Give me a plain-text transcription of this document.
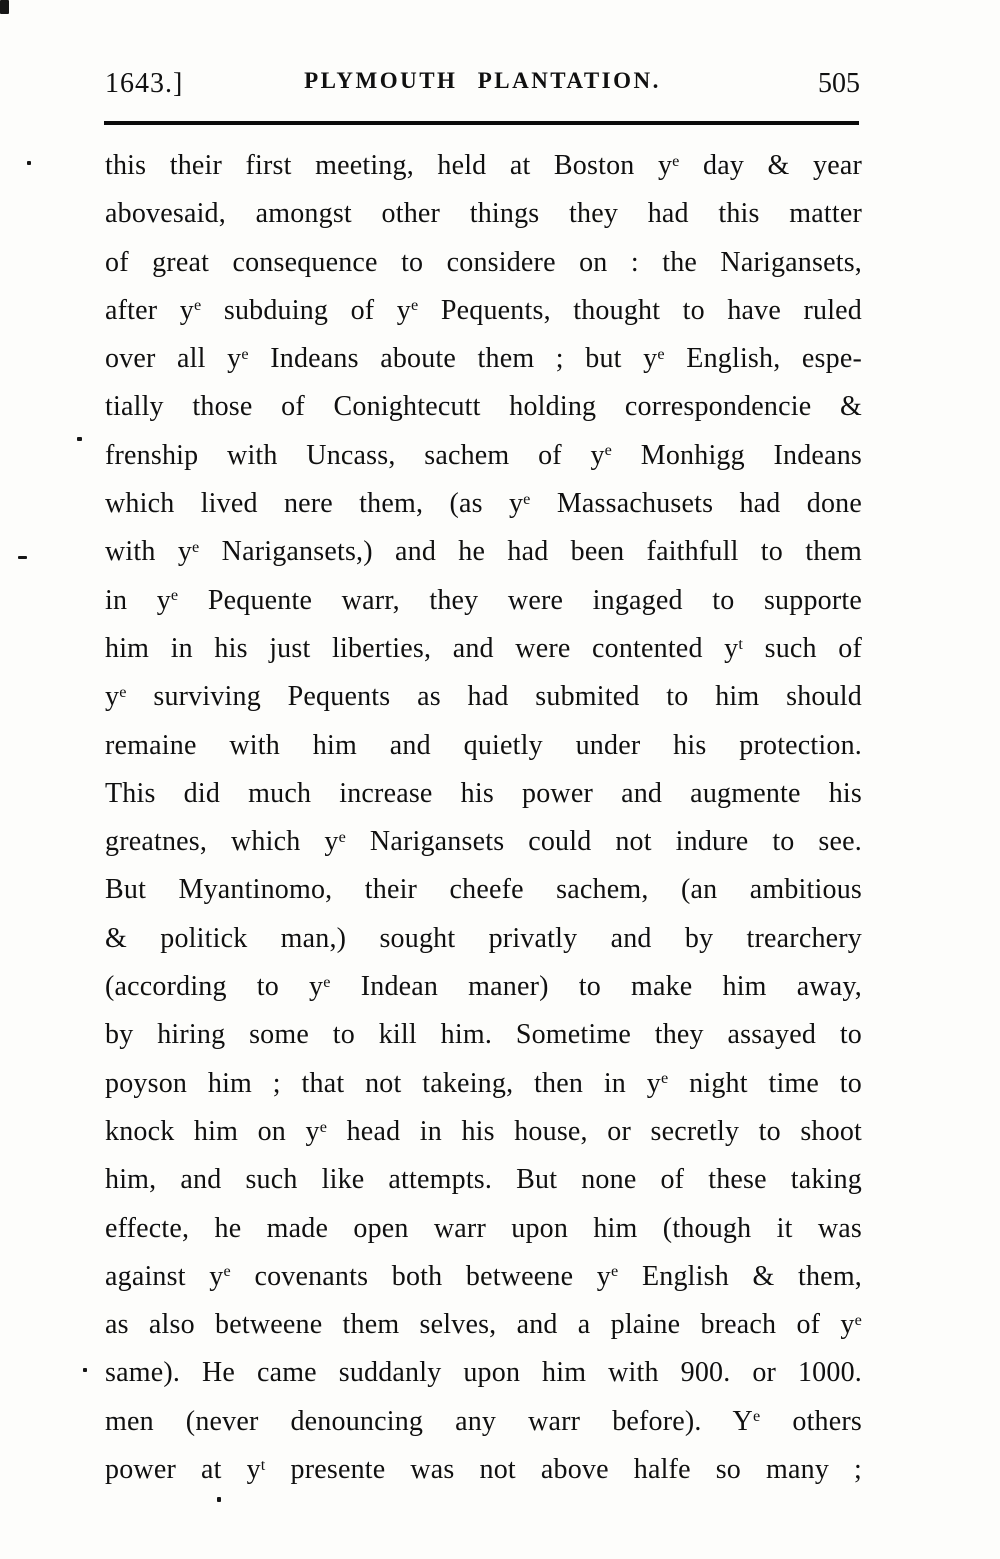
1643.]	PLYMOUTH PLANTATION.	505
this their first meeting, held at Boston $y^e$ day & year
abovesaid, amongst other things they had this matter
of great consequence to considere on : the Narigansets,
after $y^e$ subduing of $y^e$ Pequents, thought to have ruled
over all $y^e$ Indeans aboute them ; but $y^e$ English, espe-
tially those of Conightecutt holding correspondencie &
frenship with Uncass, sachem of $y^e$ Monhigg Indeans
which lived nere them, (as $y^e$ Massachusets had done
with $y^e$ Narigansets,) and he had been faithfull to them
in $y^e$ Pequente warr, they were ingaged to supporte
him in his just liberties, and were contented $y^t$ such of
$y^e$ surviving Pequents as had submited to him should
remaine with him and quietly under his protection.
This did much increase his power and augmente his
greatnes, which $y^e$ Narigansets could not indure to see.
But Myantinomo, their cheefe sachem, (an ambitious
& politick man,) sought privatly and by trearchery
(according to $y^e$ Indean maner) to make him away,
by hiring some to kill him. Sometime they assayed to
poyson him ; that not takeing, then in $y^e$ night time to
knock him on $y^e$ head in his house, or secretly to shoot
him, and such like attempts. But none of these taking
effecte, he made open warr upon him (though it was
against $y^e$ covenants both betweene $y^e$ English & them,
as also betweene them selves, and a plaine breach of $y^e$
same). He came suddanly upon him with 900. or 1000.
men (never denouncing any warr before). $Y^e$ others
power at $y^t$ presente was not above halfe so many ;
